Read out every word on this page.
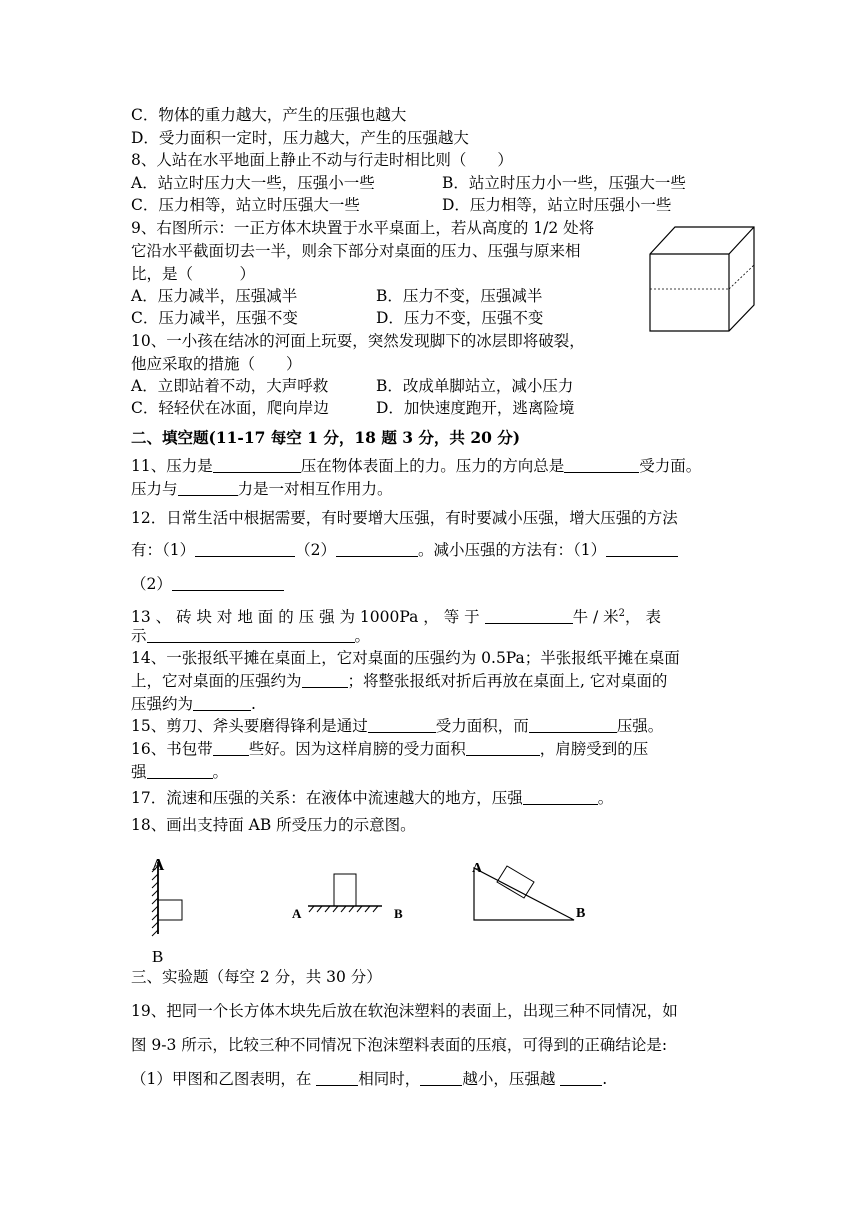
C．物体的重力越大，产生的压强也越大
D．受力面积一定时，压力越大，产生的压强越大
8、人站在水平地面上静止不动与行走时相比则（　　）
A．站立时压力大一些，压强小一些	B．站立时压力小一些，压强大一些
C．压力相等，站立时压强大一些	D．压力相等，站立时压强小一些
9、右图所示：一正方体木块置于水平桌面上，若从高度的 1/2 处将
它沿水平截面切去一半，则余下部分对桌面的压力、压强与原来相
比，是（　　　）
A．压力减半，压强减半	B．压力不变，压强减半
C．压力减半，压强不变	D．压力不变，压强不变
10、一小孩在结冰的河面上玩耍，突然发现脚下的冰层即将破裂，
他应采取的措施（　　）
A．立即站着不动，大声呼救	B．改成单脚站立，减小压力
C．轻轻伏在冰面，爬向岸边	D．加快速度跑开，逃离险境
二、填空题(11-17 每空 1 分，18 题 3 分，共 20 分)
11、压力是	压在物体表面上的力。压力的方向总是	受力面。
压力与	力是一对相互作用力。
12．日常生活中根据需要，有时要增大压强，有时要减小压强，增大压强的方法
有：（1）	（2）	。减小压强的方法有：（1）
（2）
13 、 砖 块 对 地 面 的 压 强 为 1000Pa ， 等 于	牛 / 米$^2$， 表
示	。
14、一张报纸平摊在桌面上，它对桌面的压强约为 0.5Pa；半张报纸平摊在桌面
上，它对桌面的压强约为	；将整张报纸对折后再放在桌面上, 它对桌面的
压强约为	.
15、剪刀、斧头要磨得锋利是通过	受力面积，而	压强。
16、书包带 些好。因为这样肩膀的受力面积	，肩膀受到的压
强	。
17．流速和压强的关系：在液体中流速越大的地方，压强	。
18、画出支持面 AB 所受压力的示意图。
A
B
A	B
A
B
三、实验题（每空 2 分，共 30 分）
19、把同一个长方体木块先后放在软泡沫塑料的表面上，出现三种不同情况，如
图 9-3 所示，比较三种不同情况下泡沫塑料表面的压痕，可得到的正确结论是:
（1）甲图和乙图表明，在	相同时，	越小，压强越	.
